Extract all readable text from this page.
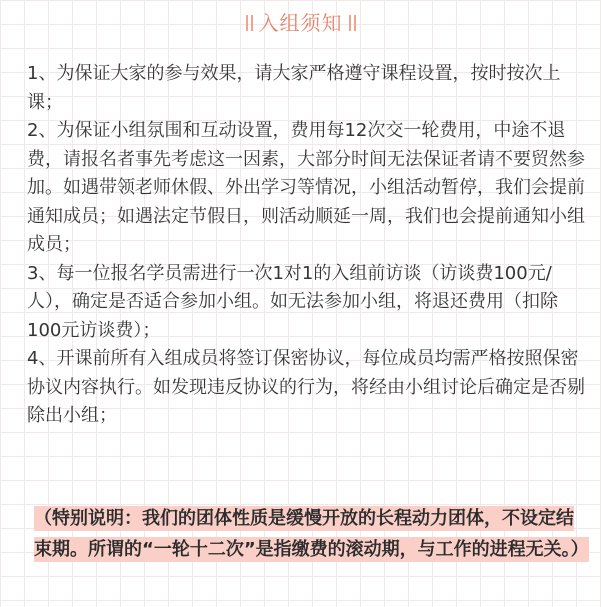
入组须知

1、为保证大家的参与效果，请大家严格遵守课程设置，按时按次上课；

2、为保证小组氛围和互动设置，费用每12次交一轮费用，中途不退费，请报名者事先考虑这一因素，大部分时间无法保证者请不要贸然参加。如遇带领老师休假、外出学习等情况，小组活动暂停，我们会提前通知成员；如遇法定节假日，则活动顺延一周，我们也会提前通知小组成员；

3、每一位报名学员需进行一次1对1的入组前访谈（访谈费100元/人），确定是否适合参加小组。如无法参加小组，将退还费用（扣除100元访谈费）；

4、开课前所有入组成员将签订保密协议，每位成员均需严格按照保密协议内容执行。如发现违反协议的行为，将经由小组讨论后确定是否剔除出小组；

（特别说明：我们的团体性质是缓慢开放的长程动力团体，不设定结束期。所谓的“一轮十二次”是指缴费的滚动期，与工作的进程无关。）
